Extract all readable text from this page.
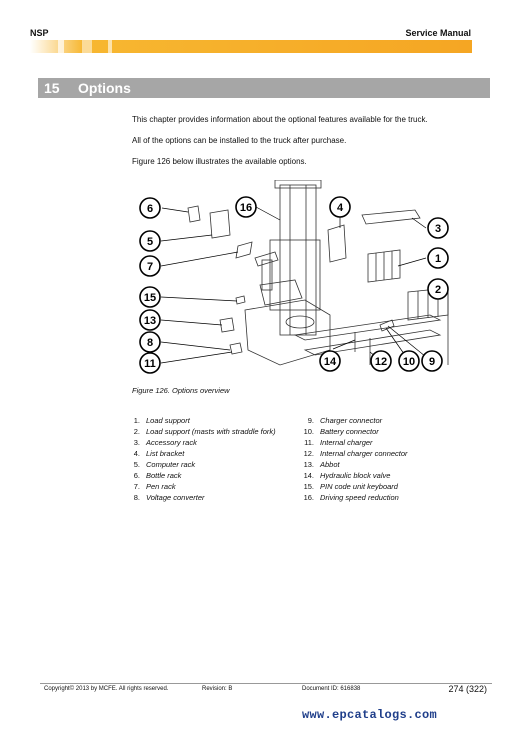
NSP	Service Manual
15 Options
This chapter provides information about the optional features available for the truck.
All of the options can be installed to the truck after purchase.
Figure 126 below illustrates the available options.
6	16	4
3
5
1
7
2
15
13
8
11	14	12 10 9
Figure 126. Options overview
1. Load support
2. Load support (masts with straddle fork)
3. Accessory rack
4. List bracket
5. Computer rack
6. Bottle rack
7. Pen rack
8. Voltage converter
9. Charger connector
10. Battery connector
11. Internal charger
12. Internal charger connector
13. Abbot
14. Hydraulic block valve
15. PIN code unit keyboard
16. Driving speed reduction
Copyright© 2013 by MCFE. All rights reserved.	Revision: B	Document ID: 616838	274 (322)
www.epcatalogs.com
